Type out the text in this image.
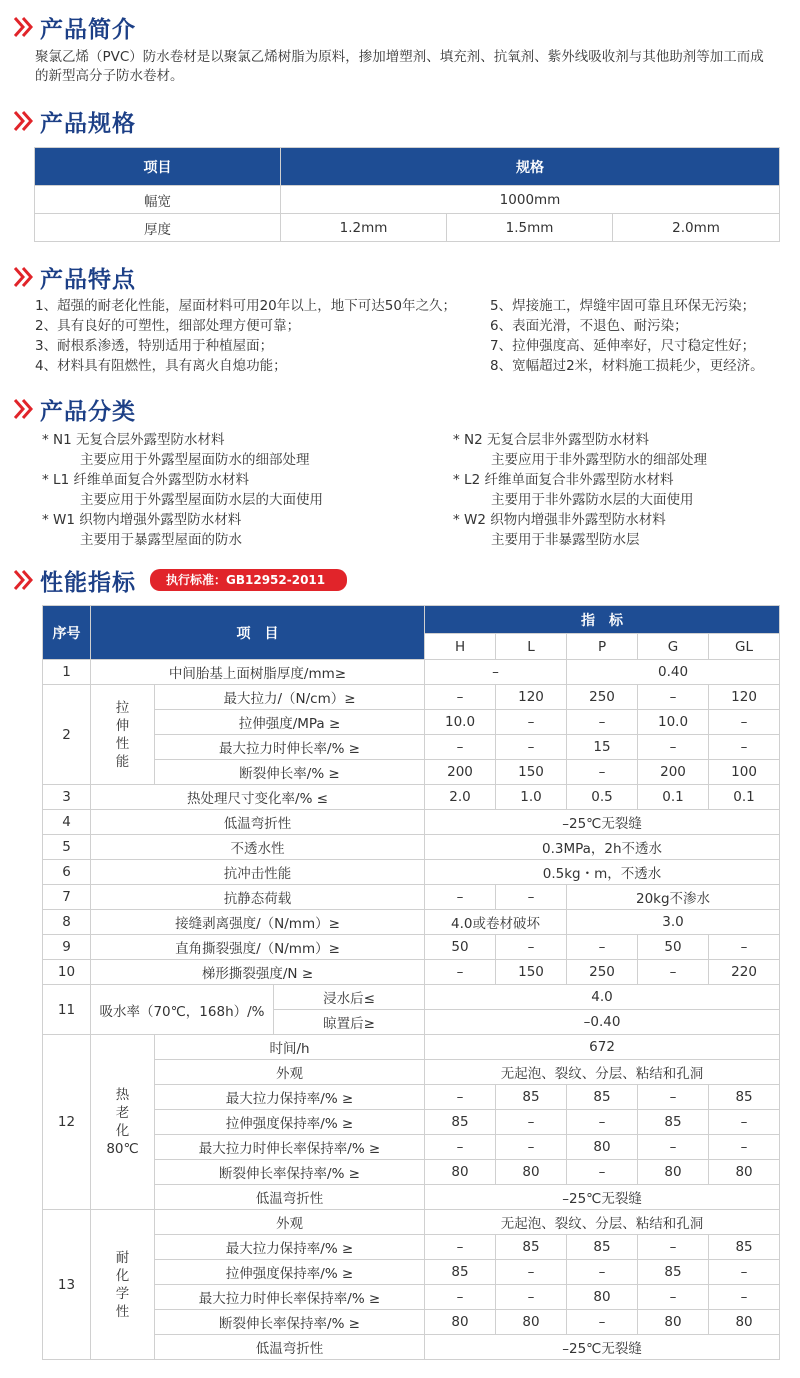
产品简介
聚氯乙烯（PVC）防水卷材是以聚氯乙烯树脂为原料，掺加增塑剂、填充剂、抗氧剂、紫外线吸收剂与其他助剂等加工而成的新型高分子防水卷材。
产品规格
项目	规格		
幅宽	1000mm		
厚度	1.2mm	1.5mm	2.0mm
产品特点
1、超强的耐老化性能，屋面材料可用20年以上，地下可达50年之久；
2、具有良好的可塑性，细部处理方便可靠；
3、耐根系渗透，特别适用于种植屋面；
4、材料具有阻燃性，具有离火自熄功能；
5、焊接施工，焊缝牢固可靠且环保无污染；
6、表面光滑，不退色、耐污染；
7、拉伸强度高、延伸率好，尺寸稳定性好；
8、宽幅超过2米，材料施工损耗少，更经济。
产品分类
* N1 无复合层外露型防水材料
主要应用于外露型屋面防水的细部处理
* L1 纤维单面复合外露型防水材料
主要应用于外露型屋面防水层的大面使用
* W1 织物内增强外露型防水材料
主要用于暴露型屋面的防水
* N2 无复合层非外露型防水材料
主要应用于非外露型防水的细部处理
* L2 纤维单面复合非外露型防水材料
主要用于非外露防水层的大面使用
* W2 织物内增强非外露型防水材料
主要用于非暴露型防水层
性能指标	执行标准：GB12952-2011
序号	项　目			指　标				
				H	L	P	G	GL
1	中间胎基上面树脂厚度/mm≥			–		0.40		
2	拉
伸
性
能	最大拉力/（N/cm）≥		–	120	250	–	120
		拉伸强度/MPa ≥		10.0	–	–	10.0	–
		最大拉力时伸长率/% ≥		–	–	15	–	–
		断裂伸长率/% ≥		200	150	–	200	100
3	热处理尺寸变化率/% ≤			2.0	1.0	0.5	0.1	0.1
4	低温弯折性			–25℃无裂缝				
5	不透水性			0.3MPa，2h不透水				
6	抗冲击性能			0.5kg・m，不透水				
7	抗静态荷载			–	–	20kg不渗水		
8	接缝剥离强度/（N/mm）≥			4.0或卷材破坏		3.0		
9	直角撕裂强度/（N/mm）≥			50	–	–	50	–
10	梯形撕裂强度/N ≥			–	150	250	–	220
11	吸水率（70℃，168h）/%		浸水后≤	4.0				
			晾置后≥	–0.40				
12	热
老
化
80℃	时间/h		672				
		外观		无起泡、裂纹、分层、粘结和孔洞				
		最大拉力保持率/% ≥		–	85	85	–	85
		拉伸强度保持率/% ≥		85	–	–	85	–
		最大拉力时伸长率保持率/% ≥		–	–	80	–	–
		断裂伸长率保持率/% ≥		80	80	–	80	80
		低温弯折性		–25℃无裂缝				
13	耐
化
学
性	外观		无起泡、裂纹、分层、粘结和孔洞				
		最大拉力保持率/% ≥		–	85	85	–	85
		拉伸强度保持率/% ≥		85	–	–	85	–
		最大拉力时伸长率保持率/% ≥		–	–	80	–	–
		断裂伸长率保持率/% ≥		80	80	–	80	80
		低温弯折性		–25℃无裂缝				
